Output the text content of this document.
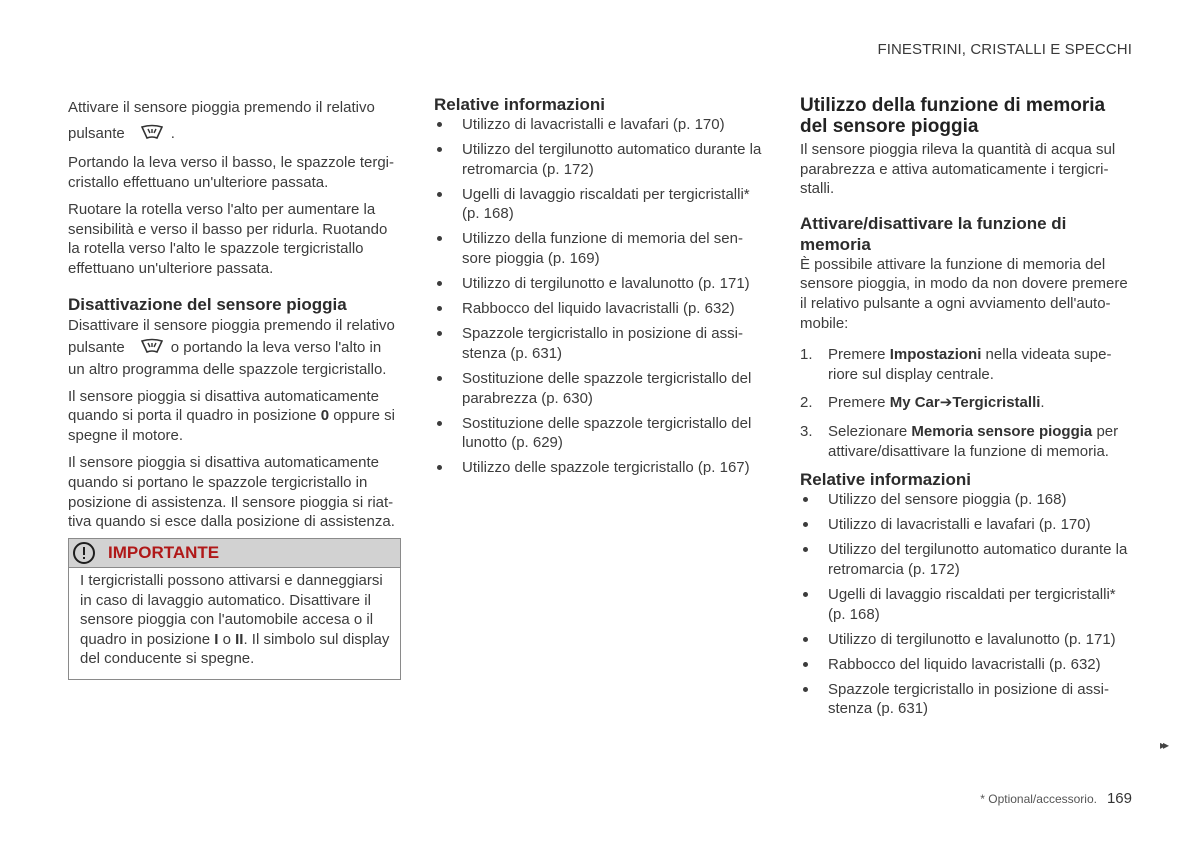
FINESTRINI, CRISTALLI E SPECCHI

Attivare il sensore pioggia premendo il relativo
pulsante	.

Portando la leva verso il basso, le spazzole tergi-cristallo effettuano un'ulteriore passata.

Ruotare la rotella verso l'alto per aumentare la sensibilità e verso il basso per ridurla. Ruotando la rotella verso l'alto le spazzole tergicristallo effettuano un'ulteriore passata.

Disattivazione del sensore pioggia

Disattivare il sensore pioggia premendo il relativo
pulsante	o portando la leva verso l'alto in un altro programma delle spazzole tergicristallo.

Il sensore pioggia si disattiva automaticamente quando si porta il quadro in posizione 0 oppure si spegne il motore.

Il sensore pioggia si disattiva automaticamente quando si portano le spazzole tergicristallo in posizione di assistenza. Il sensore pioggia si riat-tiva quando si esce dalla posizione di assistenza.

IMPORTANTE
I tergicristalli possono attivarsi e danneggiarsi in caso di lavaggio automatico. Disattivare il sensore pioggia con l'automobile accesa o il quadro in posizione I o II. Il simbolo sul display del conducente si spegne.
Relative informazioni
Utilizzo di lavacristalli e lavafari (p. 170)
Utilizzo del tergilunotto automatico durante la retromarcia (p. 172)
Ugelli di lavaggio riscaldati per tergicristalli* (p. 168)
Utilizzo della funzione di memoria del sen-sore pioggia (p. 169)
Utilizzo di tergilunotto e lavalunotto (p. 171)
Rabbocco del liquido lavacristalli (p. 632)
Spazzole tergicristallo in posizione di assi-stenza (p. 631)
Sostituzione delle spazzole tergicristallo del parabrezza (p. 630)
Sostituzione delle spazzole tergicristallo del lunotto (p. 629)
Utilizzo delle spazzole tergicristallo (p. 167)
Utilizzo della funzione di memoria del sensore pioggia

Il sensore pioggia rileva la quantità di acqua sul parabrezza e attiva automaticamente i tergicri-stalli.

Attivare/disattivare la funzione di memoria

È possibile attivare la funzione di memoria del sensore pioggia, in modo da non dovere premere il relativo pulsante a ogni avviamento dell'auto-mobile:

1. Premere Impostazioni nella videata supe-riore sul display centrale.
2. Premere My Car➔Tergicristalli.
3. Selezionare Memoria sensore pioggia per attivare/disattivare la funzione di memoria.
Relative informazioni
Utilizzo del sensore pioggia (p. 168)
Utilizzo di lavacristalli e lavafari (p. 170)
Utilizzo del tergilunotto automatico durante la retromarcia (p. 172)
Ugelli di lavaggio riscaldati per tergicristalli* (p. 168)
Utilizzo di tergilunotto e lavalunotto (p. 171)
Rabbocco del liquido lavacristalli (p. 632)
Spazzole tergicristallo in posizione di assi-stenza (p. 631)
▸▸
* Optional/accessorio. 169
